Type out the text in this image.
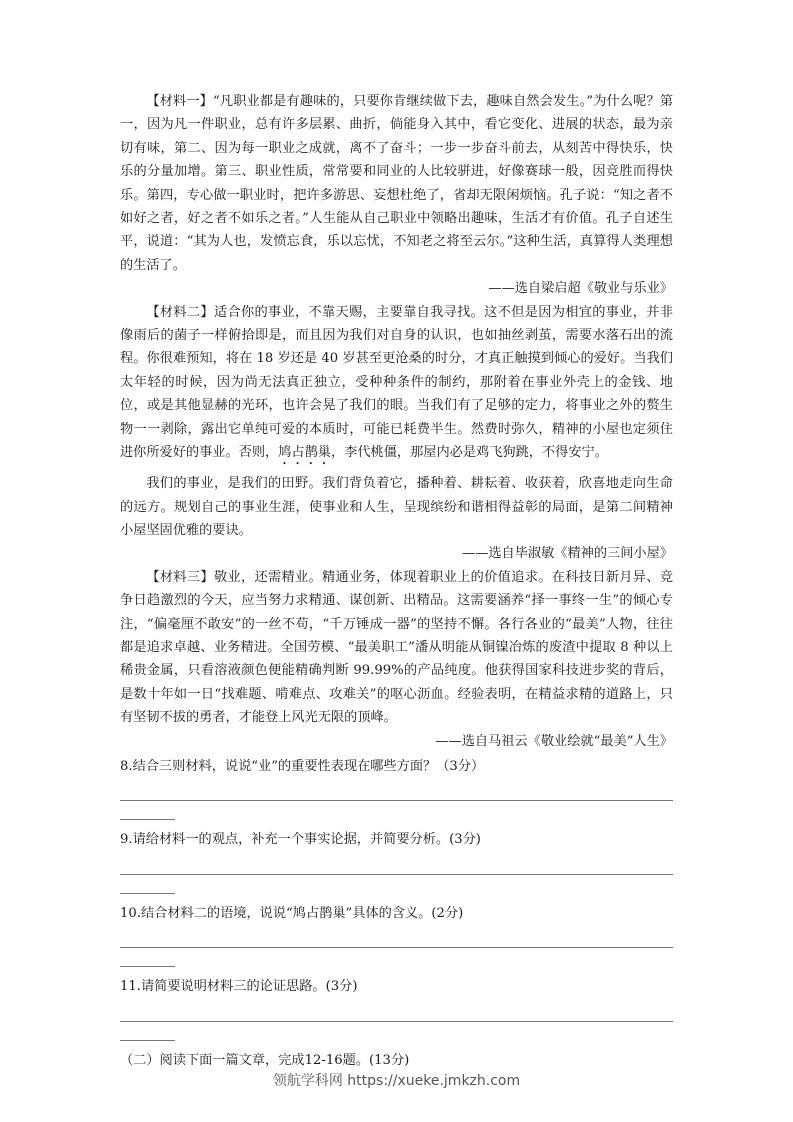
【材料一】“凡职业都是有趣味的，只要你肯继续做下去，趣味自然会发生。”为什么呢？第一，因为凡一件职业，总有许多层累、曲折，倘能身入其中，看它变化、进展的状态，最为亲切有味，第二、因为每一职业之成就，离不了奋斗；一步一步奋斗前去，从刻苦中得快乐，快乐的分量加增。第三、职业性质，常常要和同业的人比较骈进，好像赛球一般，因竞胜而得快乐。第四，专心做一职业时，把许多游思、妄想杜绝了，省却无限闲烦恼。孔子说：“知之者不如好之者，好之者不如乐之者。”人生能从自己职业中领略出趣味，生活才有价值。孔子自述生平，说道：“其为人也，发愤忘食，乐以忘忧，不知老之将至云尔。”这种生活，真算得人类理想的生活了。

——选自梁启超《敬业与乐业》

【材料二】适合你的事业，不靠天赐，主要靠自我寻找。这不但是因为相宜的事业，并非像雨后的菌子一样俯拾即是，而且因为我们对自身的认识，也如抽丝剥茧，需要水落石出的流程。你很难预知，将在 18 岁还是 40 岁甚至更沧桑的时分，才真正触摸到倾心的爱好。当我们太年轻的时候，因为尚无法真正独立，受种种条件的制约，那附着在事业外壳上的金钱、地位，或是其他显赫的光环，也许会晃了我们的眼。当我们有了足够的定力，将事业之外的赘生物一一剥除，露出它单纯可爱的本质时，可能已耗费半生。然费时弥久，精神的小屋也定须住进你所爱好的事业。否则，鸠占鹊巢，李代桃僵，那屋内必是鸡飞狗跳，不得安宁。

我们的事业，是我们的田野。我们背负着它，播种着、耕耘着、收获着，欣喜地走向生命的远方。规划自己的事业生涯，使事业和人生，呈现缤纷和谐相得益彰的局面，是第二间精神小屋坚固优雅的要诀。

——选自毕淑敏《精神的三间小屋》

【材料三】敬业，还需精业。精通业务，体现着职业上的价值追求。在科技日新月异、竞争日趋激烈的今天，应当努力求精通、谋创新、出精品。这需要涵养“择一事终一生”的倾心专注，“偏毫厘不敢安”的一丝不苟，“千万锤成一器”的坚持不懈。各行各业的“最美”人物，往往都是追求卓越、业务精进。全国劳模、“最美职工”潘从明能从铜镍冶炼的废渣中提取 8 种以上稀贵金属，只看溶液颜色便能精确判断 99.99%的产品纯度。他获得国家科技进步奖的背后，是数十年如一日“找难题、啃难点、攻难关”的呕心沥血。经验表明，在精益求精的道路上，只有坚韧不拔的勇者，才能登上风光无限的顶峰。

——选自马祖云《敬业绘就“最美”人生》

8.结合三则材料，说说“业”的重要性表现在哪些方面？（3分）

9.请给材料一的观点，补充一个事实论据，并简要分析。(3分)

10.结合材料二的语境，说说“鸠占鹊巢”具体的含义。(2分)

11.请简要说明材料三的论证思路。(3分)

（二）阅读下面一篇文章，完成12-16题。(13分)

领航学科网 https://xueke.jmkzh.com
